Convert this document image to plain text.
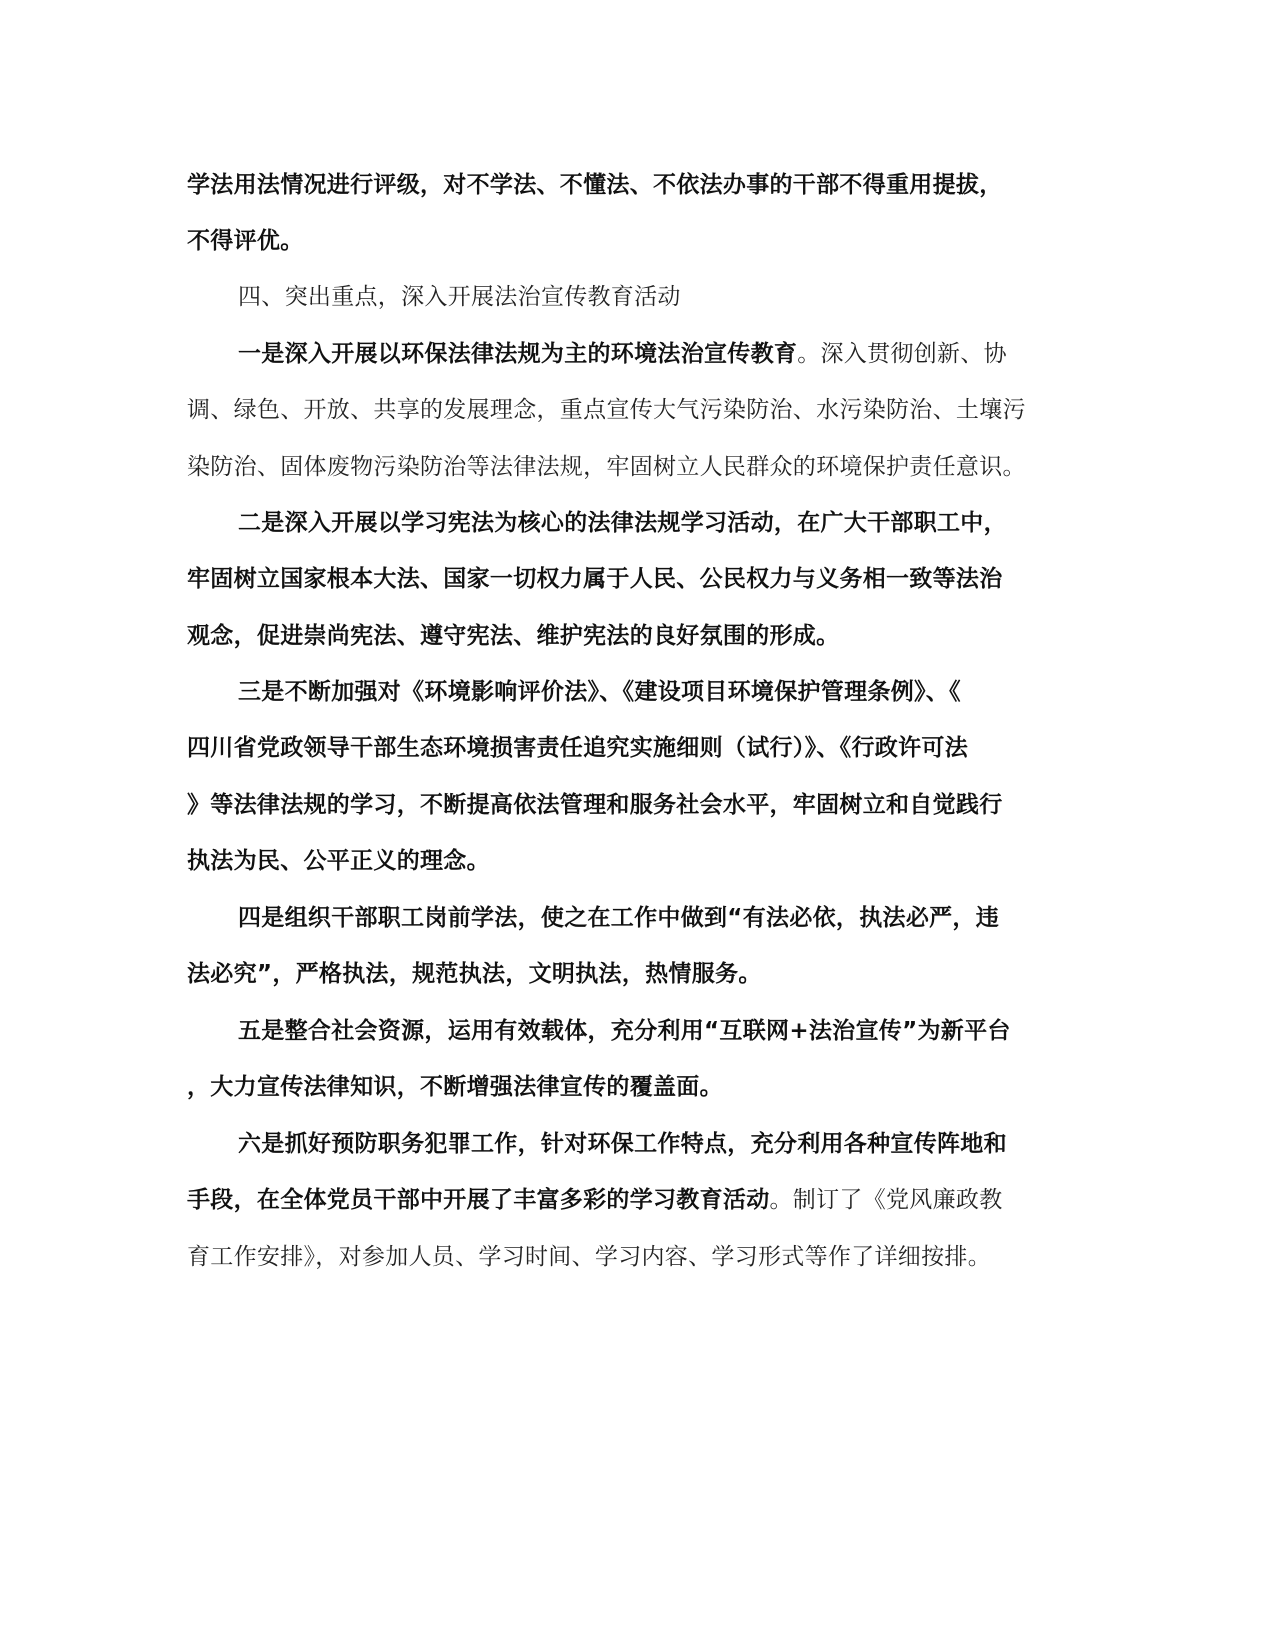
学法用法情况进行评级，对不学法、不懂法、不依法办事的干部不得重用提拔，
不得评优。
四、突出重点，深入开展法治宣传教育活动
一是深入开展以环保法律法规为主的环境法治宣传教育。深入贯彻创新、协
调、绿色、开放、共享的发展理念，重点宣传大气污染防治、水污染防治、土壤污
染防治、固体废物污染防治等法律法规，牢固树立人民群众的环境保护责任意识。
二是深入开展以学习宪法为核心的法律法规学习活动，在广大干部职工中，
牢固树立国家根本大法、国家一切权力属于人民、公民权力与义务相一致等法治
观念，促进崇尚宪法、遵守宪法、维护宪法的良好氛围的形成。
三是不断加强对《环境影响评价法》、《建设项目环境保护管理条例》、《
四川省党政领导干部生态环境损害责任追究实施细则（试行）》、《行政许可法
》等法律法规的学习，不断提高依法管理和服务社会水平，牢固树立和自觉践行
执法为民、公平正义的理念。
四是组织干部职工岗前学法，使之在工作中做到“有法必依，执法必严，违
法必究”，严格执法，规范执法，文明执法，热情服务。
五是整合社会资源，运用有效载体，充分利用“互联网+法治宣传”为新平台
，大力宣传法律知识，不断增强法律宣传的覆盖面。
六是抓好预防职务犯罪工作，针对环保工作特点，充分利用各种宣传阵地和
手段，在全体党员干部中开展了丰富多彩的学习教育活动。制订了《党风廉政教
育工作安排》，对参加人员、学习时间、学习内容、学习形式等作了详细按排。
